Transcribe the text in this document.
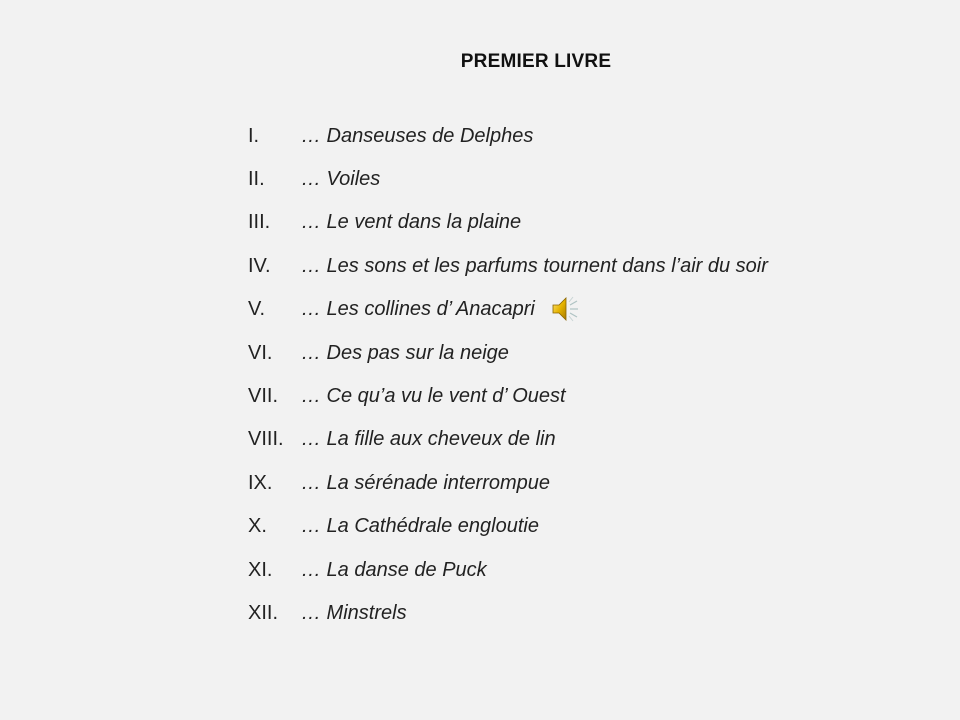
PREMIER LIVRE
I.	… Danseuses de Delphes
II.	… Voiles
III.	… Le vent dans la plaine
IV.	… Les sons et les parfums tournent dans l’air du soir
V.	… Les collines d’ Anacapri
VI.	… Des pas sur la neige
VII.	… Ce qu’a vu le vent d’ Ouest
VIII. … La fille aux cheveux de lin
IX.	… La sérénade interrompue
X.	… La Cathédrale engloutie
XI.	… La danse de Puck
XII.	… Minstrels
